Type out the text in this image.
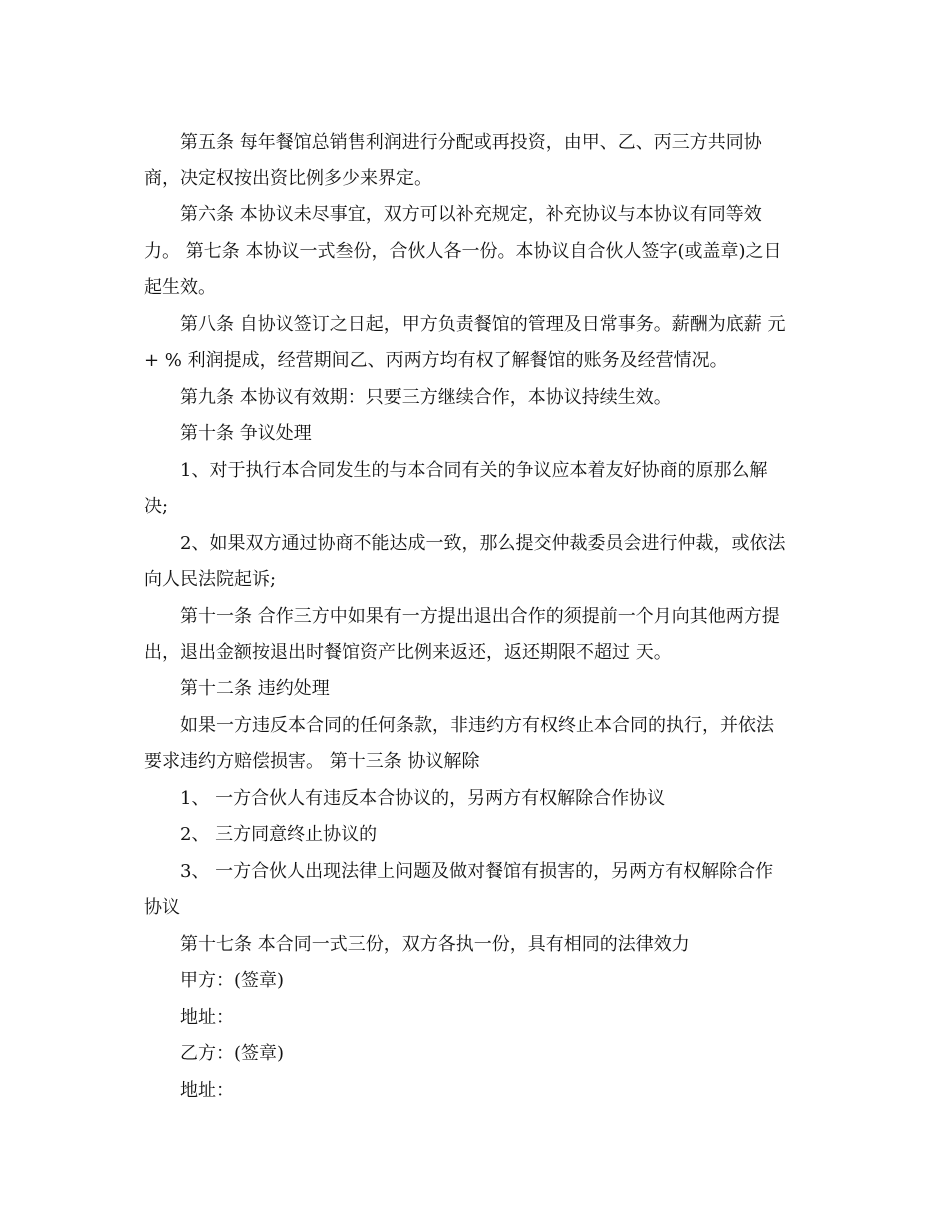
第五条 每年餐馆总销售利润进行分配或再投资，由甲、乙、丙三方共同协
商，决定权按出资比例多少来界定。
第六条 本协议未尽事宜，双方可以补充规定，补充协议与本协议有同等效
力。 第七条 本协议一式叁份，合伙人各一份。本协议自合伙人签字(或盖章)之日
起生效。
第八条 自协议签订之日起，甲方负责餐馆的管理及日常事务。薪酬为底薪 元
+ % 利润提成，经营期间乙、丙两方均有权了解餐馆的账务及经营情况。
第九条 本协议有效期：只要三方继续合作，本协议持续生效。
第十条 争议处理
1、对于执行本合同发生的与本合同有关的争议应本着友好协商的原那么解
决;
2、如果双方通过协商不能达成一致，那么提交仲裁委员会进行仲裁，或依法
向人民法院起诉;
第十一条 合作三方中如果有一方提出退出合作的须提前一个月向其他两方提
出，退出金额按退出时餐馆资产比例来返还，返还期限不超过 天。
第十二条 违约处理
如果一方违反本合同的任何条款，非违约方有权终止本合同的执行，并依法
要求违约方赔偿损害。 第十三条 协议解除
1、 一方合伙人有违反本合协议的，另两方有权解除合作协议
2、 三方同意终止协议的
3、 一方合伙人出现法律上问题及做对餐馆有损害的，另两方有权解除合作
协议
第十七条 本合同一式三份，双方各执一份，具有相同的法律效力
甲方：(签章)
地址：
乙方：(签章)
地址：
